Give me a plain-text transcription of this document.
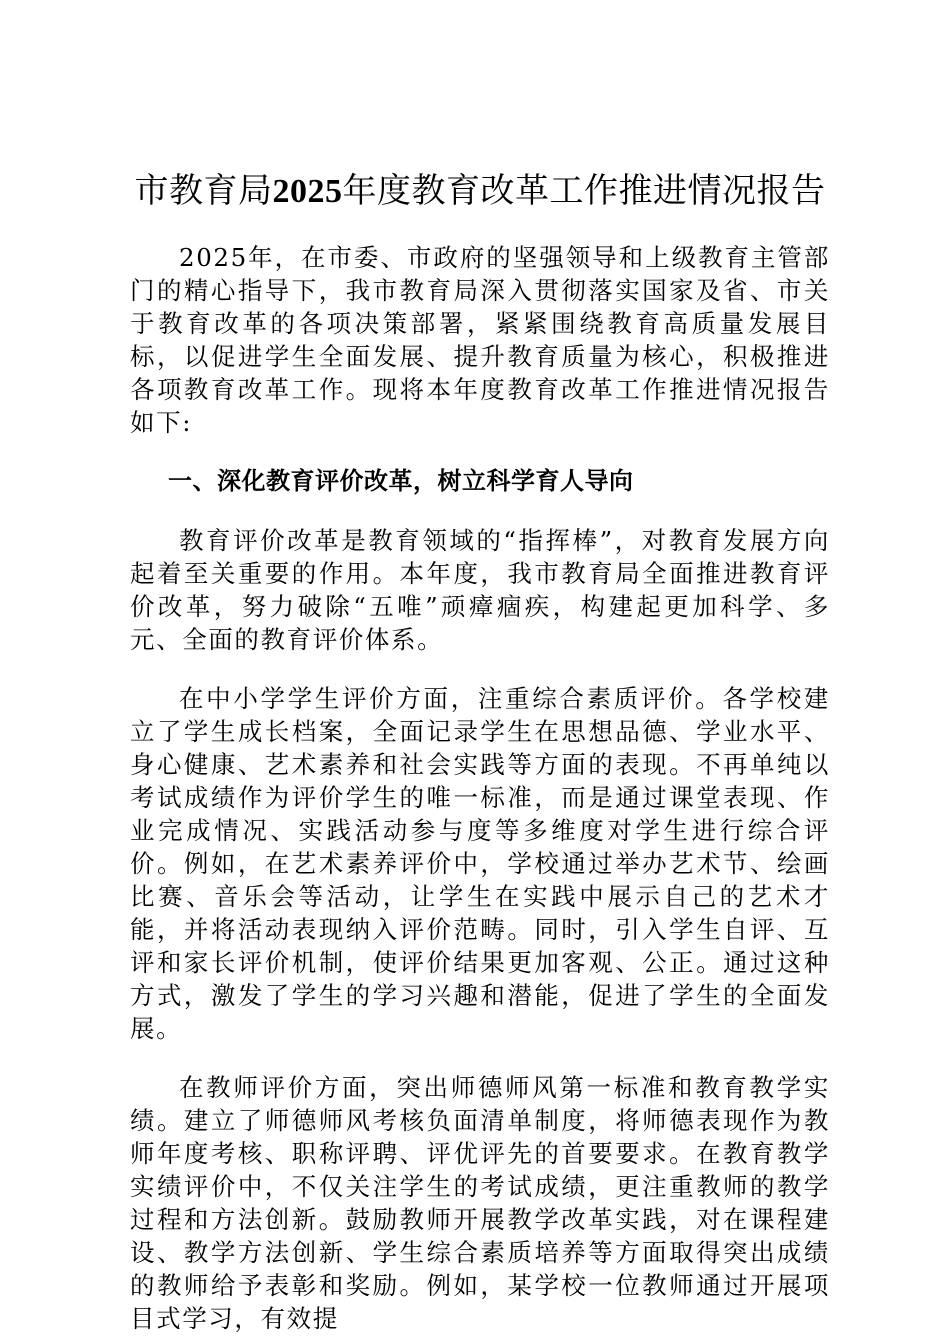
市教育局2025年度教育改革工作推进情况报告

2025年，在市委、市政府的坚强领导和上级教育主管部门的精心指导下，我市教育局深入贯彻落实国家及省、市关于教育改革的各项决策部署，紧紧围绕教育高质量发展目标，以促进学生全面发展、提升教育质量为核心，积极推进各项教育改革工作。现将本年度教育改革工作推进情况报告如下:

一、深化教育评价改革，树立科学育人导向

教育评价改革是教育领域的“指挥棒”，对教育发展方向起着至关重要的作用。本年度，我市教育局全面推进教育评价改革，努力破除“五唯”顽瘴痼疾，构建起更加科学、多元、全面的教育评价体系。

在中小学学生评价方面，注重综合素质评价。各学校建立了学生成长档案，全面记录学生在思想品德、学业水平、身心健康、艺术素养和社会实践等方面的表现。不再单纯以考试成绩作为评价学生的唯一标准，而是通过课堂表现、作业完成情况、实践活动参与度等多维度对学生进行综合评价。例如，在艺术素养评价中，学校通过举办艺术节、绘画比赛、音乐会等活动，让学生在实践中展示自己的艺术才能，并将活动表现纳入评价范畴。同时，引入学生自评、互评和家长评价机制，使评价结果更加客观、公正。通过这种方式，激发了学生的学习兴趣和潜能，促进了学生的全面发展。

在教师评价方面，突出师德师风第一标准和教育教学实绩。建立了师德师风考核负面清单制度，将师德表现作为教师年度考核、职称评聘、评优评先的首要要求。在教育教学实绩评价中，不仅关注学生的考试成绩，更注重教师的教学过程和方法创新。鼓励教师开展教学改革实践，对在课程建设、教学方法创新、学生综合素质培养等方面取得突出成绩的教师给予表彰和奖励。例如，某学校一位教师通过开展项目式学习，有效提
